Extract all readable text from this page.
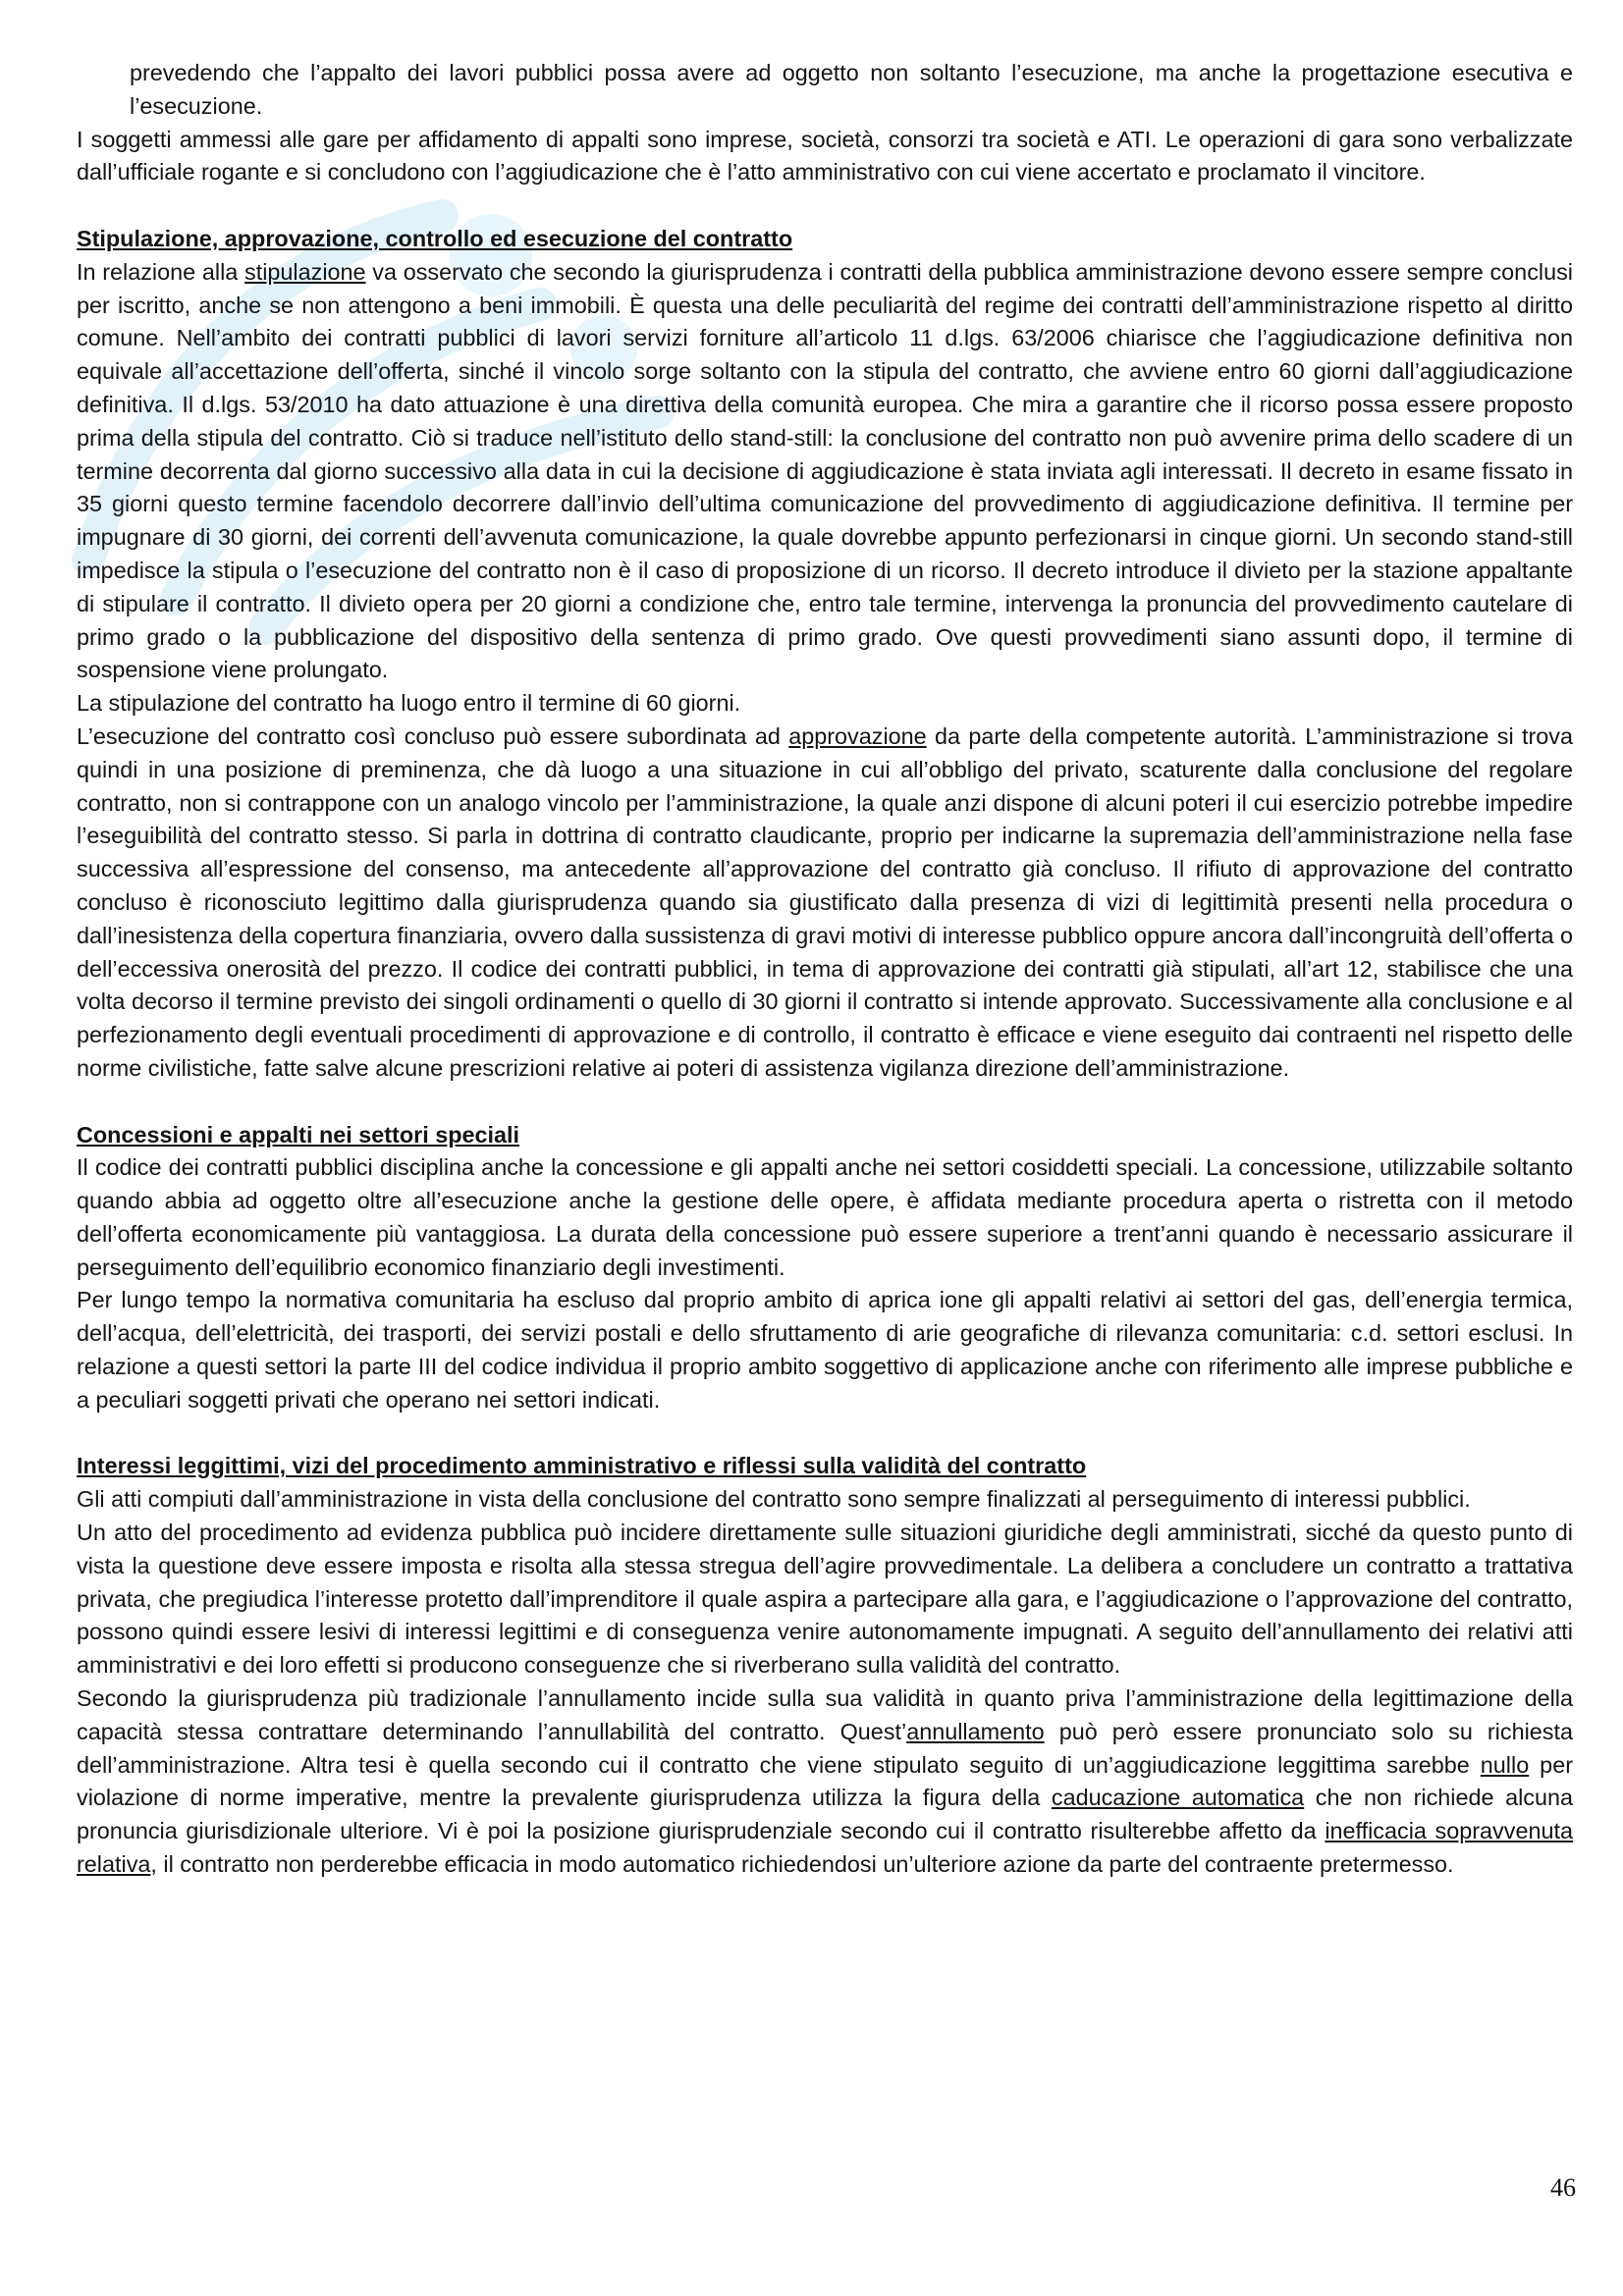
prevedendo che l’appalto dei lavori pubblici possa avere ad oggetto non soltanto l’esecuzione, ma anche la progettazione esecutiva e l’esecuzione.

I soggetti ammessi alle gare per affidamento di appalti sono imprese, società, consorzi tra società e ATI. Le operazioni di gara sono verbalizzate dall’ufficiale rogante e si concludono con l’aggiudicazione che è l’atto amministrativo con cui viene accertato e proclamato il vincitore.

Stipulazione, approvazione, controllo ed esecuzione del contratto

In relazione alla stipulazione va osservato che secondo la giurisprudenza i contratti della pubblica amministrazione devono essere sempre conclusi per iscritto, anche se non attengono a beni immobili. È questa una delle peculiarità del regime dei contratti dell’amministrazione rispetto al diritto comune. Nell’ambito dei contratti pubblici di lavori servizi forniture all’articolo 11 d.lgs. 63/2006 chiarisce che l’aggiudicazione definitiva non equivale all’accettazione dell’offerta, sinché il vincolo sorge soltanto con la stipula del contratto, che avviene entro 60 giorni dall’aggiudicazione definitiva. Il d.lgs. 53/2010 ha dato attuazione è una direttiva della comunità europea. Che mira a garantire che il ricorso possa essere proposto prima della stipula del contratto. Ciò si traduce nell’istituto dello stand-still: la conclusione del contratto non può avvenire prima dello scadere di un termine decorrenta dal giorno successivo alla data in cui la decisione di aggiudicazione è stata inviata agli interessati. Il decreto in esame fissato in 35 giorni questo termine facendolo decorrere dall’invio dell’ultima comunicazione del provvedimento di aggiudicazione definitiva. Il termine per impugnare di 30 giorni, dei correnti dell’avvenuta comunicazione, la quale dovrebbe appunto perfezionarsi in cinque giorni. Un secondo stand-still impedisce la stipula o l’esecuzione del contratto non è il caso di proposizione di un ricorso. Il decreto introduce il divieto per la stazione appaltante di stipulare il contratto. Il divieto opera per 20 giorni a condizione che, entro tale termine, intervenga la pronuncia del provvedimento cautelare di primo grado o la pubblicazione del dispositivo della sentenza di primo grado. Ove questi provvedimenti siano assunti dopo, il termine di sospensione viene prolungato.

La stipulazione del contratto ha luogo entro il termine di 60 giorni.

L’esecuzione del contratto così concluso può essere subordinata ad approvazione da parte della competente autorità. L’amministrazione si trova quindi in una posizione di preminenza, che dà luogo a una situazione in cui all’obbligo del privato, scaturente dalla conclusione del regolare contratto, non si contrappone con un analogo vincolo per l’amministrazione, la quale anzi dispone di alcuni poteri il cui esercizio potrebbe impedire l’eseguibilità del contratto stesso. Si parla in dottrina di contratto claudicante, proprio per indicarne la supremazia dell’amministrazione nella fase successiva all’espressione del consenso, ma antecedente all’approvazione del contratto già concluso. Il rifiuto di approvazione del contratto concluso è riconosciuto legittimo dalla giurisprudenza quando sia giustificato dalla presenza di vizi di legittimità presenti nella procedura o dall’inesistenza della copertura finanziaria, ovvero dalla sussistenza di gravi motivi di interesse pubblico oppure ancora dall’incongruità dell’offerta o dell’eccessiva onerosità del prezzo. Il codice dei contratti pubblici, in tema di approvazione dei contratti già stipulati, all’art 12, stabilisce che una volta decorso il termine previsto dei singoli ordinamenti o quello di 30 giorni il contratto si intende approvato. Successivamente alla conclusione e al perfezionamento degli eventuali procedimenti di approvazione e di controllo, il contratto è efficace e viene eseguito dai contraenti nel rispetto delle norme civilistiche, fatte salve alcune prescrizioni relative ai poteri di assistenza vigilanza direzione dell’amministrazione.

Concessioni e appalti nei settori speciali

Il codice dei contratti pubblici disciplina anche la concessione e gli appalti anche nei settori cosiddetti speciali. La concessione, utilizzabile soltanto quando abbia ad oggetto oltre all’esecuzione anche la gestione delle opere, è affidata mediante procedura aperta o ristretta con il metodo dell’offerta economicamente più vantaggiosa. La durata della concessione può essere superiore a trent’anni quando è necessario assicurare il perseguimento dell’equilibrio economico finanziario degli investimenti.

Per lungo tempo la normativa comunitaria ha escluso dal proprio ambito di aprica ione gli appalti relativi ai settori del gas, dell’energia termica, dell’acqua, dell’elettricità, dei trasporti, dei servizi postali e dello sfruttamento di arie geografiche di rilevanza comunitaria: c.d. settori esclusi. In relazione a questi settori la parte III del codice individua il proprio ambito soggettivo di applicazione anche con riferimento alle imprese pubbliche e a peculiari soggetti privati che operano nei settori indicati.

Interessi leggittimi, vizi del procedimento amministrativo e riflessi sulla validità del contratto

Gli atti compiuti dall’amministrazione in vista della conclusione del contratto sono sempre finalizzati al perseguimento di interessi pubblici.

Un atto del procedimento ad evidenza pubblica può incidere direttamente sulle situazioni giuridiche degli amministrati, sicché da questo punto di vista la questione deve essere imposta e risolta alla stessa stregua dell’agire provvedimentale. La delibera a concludere un contratto a trattativa privata, che pregiudica l’interesse protetto dall’imprenditore il quale aspira a partecipare alla gara, e l’aggiudicazione o l’approvazione del contratto, possono quindi essere lesivi di interessi legittimi e di conseguenza venire autonomamente impugnati. A seguito dell’annullamento dei relativi atti amministrativi e dei loro effetti si producono conseguenze che si riverberano sulla validità del contratto.

Secondo la giurisprudenza più tradizionale l’annullamento incide sulla sua validità in quanto priva l’amministrazione della legittimazione della capacità stessa contrattare determinando l’annullabilità del contratto. Quest’annullamento può però essere pronunciato solo su richiesta dell’amministrazione. Altra tesi è quella secondo cui il contratto che viene stipulato seguito di un’aggiudicazione leggittima sarebbe nullo per violazione di norme imperative, mentre la prevalente giurisprudenza utilizza la figura della caducazione automatica che non richiede alcuna pronuncia giurisdizionale ulteriore. Vi è poi la posizione giurisprudenziale secondo cui il contratto risulterebbe affetto da inefficacia sopravvenuta relativa, il contratto non perderebbe efficacia in modo automatico richiedendosi un’ulteriore azione da parte del contraente pretermesso.

46
